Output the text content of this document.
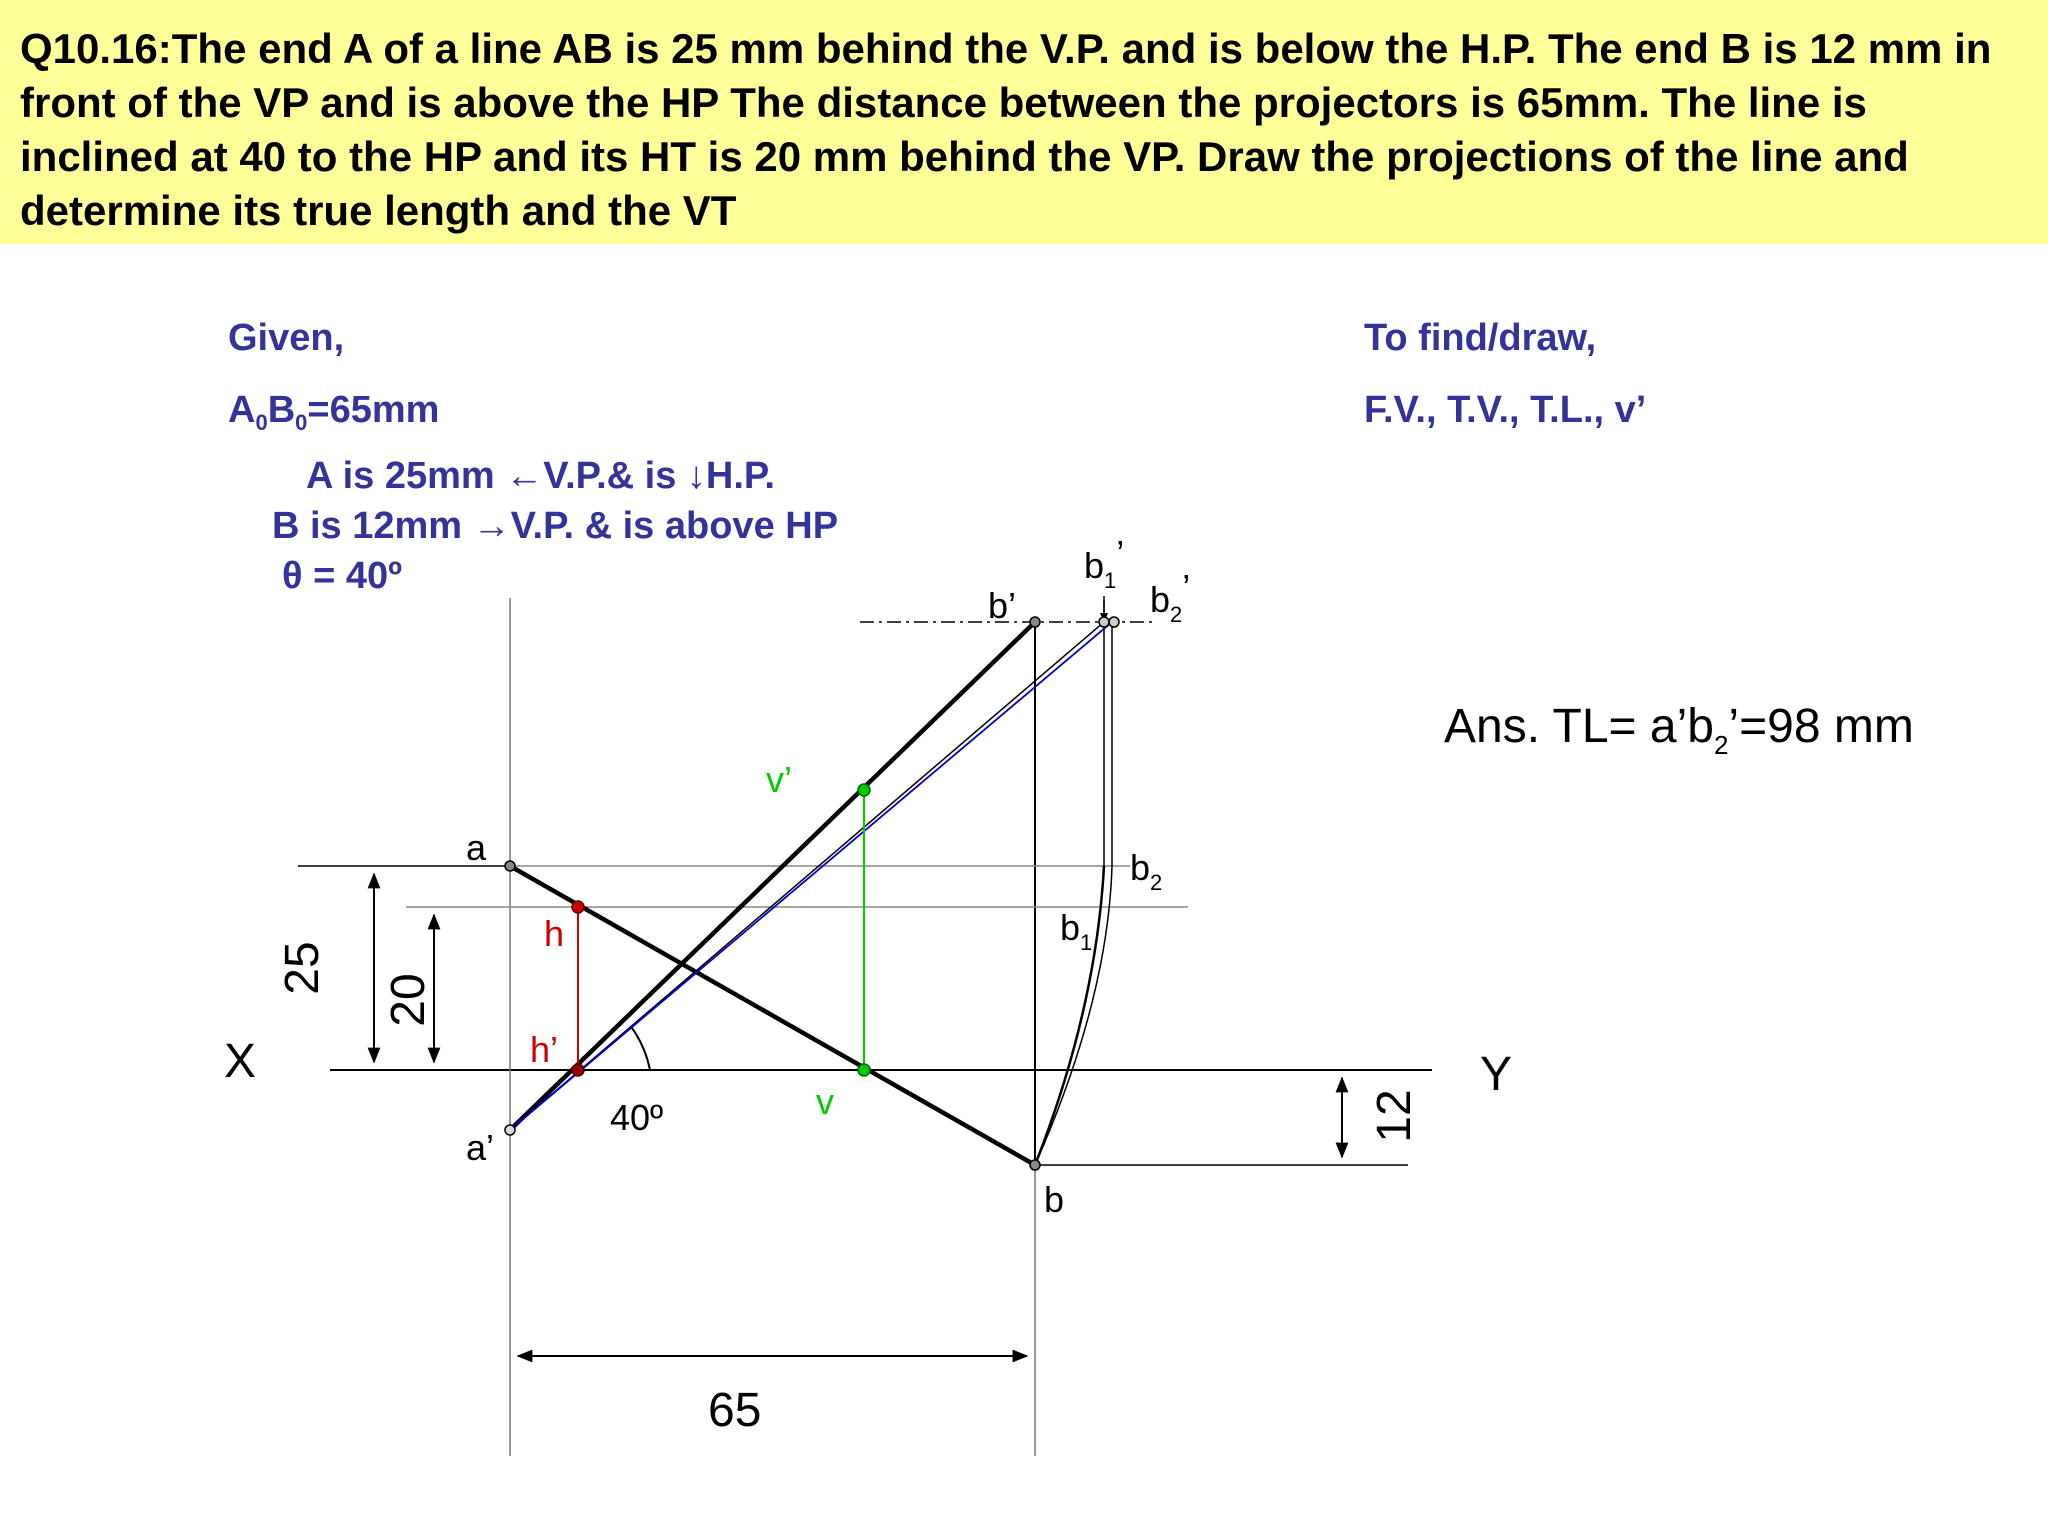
Q10.16:The end A of a line AB is 25 mm behind the V.P. and is below the H.P. The end B is 12 mm in front of the VP and is above the HP The distance between the projectors is 65mm. The line is inclined at 40 to the HP and its HT is 20 mm behind the VP. Draw the projections of the line and determine its true length and the VT
Given,
$A_0B_0=65mm$
A is 25mm ←V.P.& is ↓H.P.
B is 12mm →V.P. & is above HP
θ = 40º
To find/draw,
F.V., T.V., T.L., v’
Ans. $TL= a’b_2’=98$ mm
X	Y
a
a’
b’
b
$b_1$
$b_1$’
$b_2$
$b_2$’
h
h’
v
v’
40º
25
20
12
65
